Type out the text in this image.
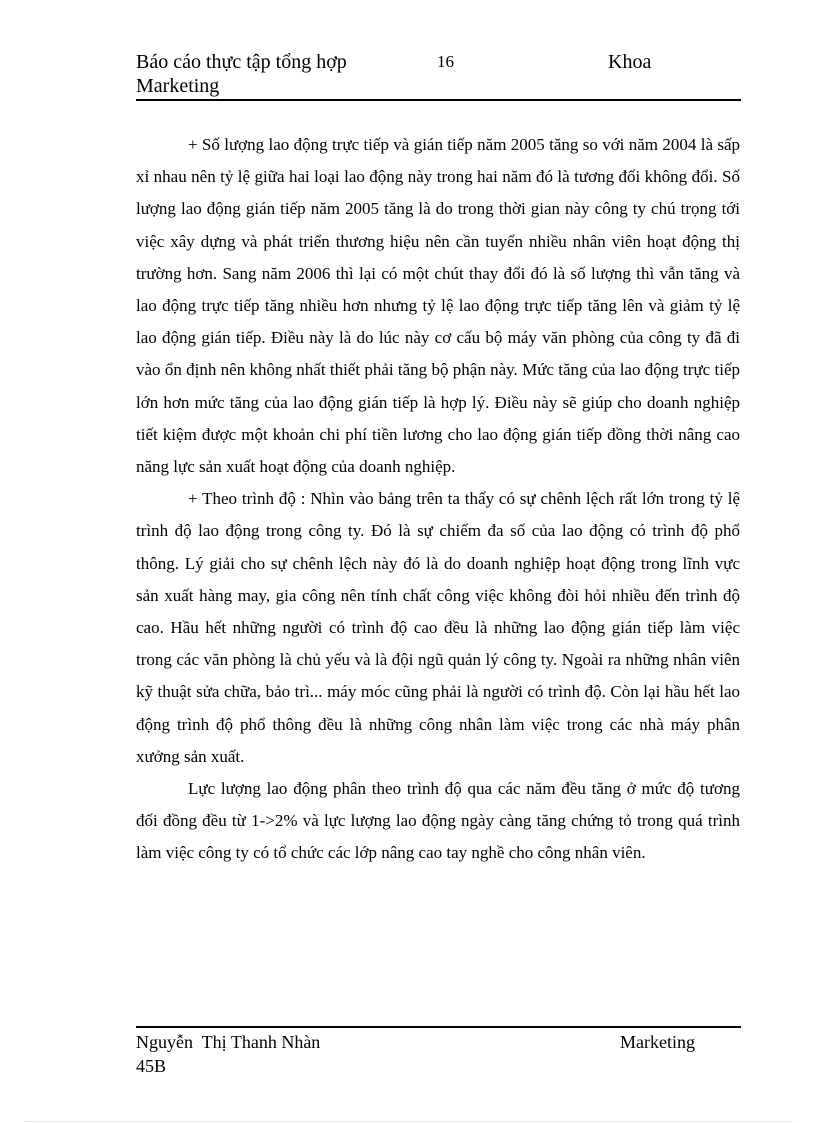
Báo cáo thực tập tổng hợp
Marketing
16	Khoa

+ Số lượng lao động trực tiếp và gián tiếp năm 2005 tăng so với năm 2004 là sấp xỉ nhau nên tỷ lệ giữa hai loại lao động này trong hai năm đó là tương đối không đổi. Số lượng lao động gián tiếp năm 2005 tăng là do trong thời gian này công ty chú trọng tới việc xây dựng và phát triển thương hiệu nên cần tuyển nhiều nhân viên hoạt động thị trường hơn. Sang năm 2006 thì lại có một chút thay đổi đó là số lượng thì vẫn tăng và lao động trực tiếp tăng nhiều hơn nhưng tỷ lệ lao động trực tiếp tăng lên và giảm tỷ lệ lao động gián tiếp. Điều này là do lúc này cơ cấu bộ máy văn phòng của công ty đã đi vào ổn định nên không nhất thiết phải tăng bộ phận này. Mức tăng của lao động trực tiếp lớn hơn mức tăng của lao động gián tiếp là hợp lý. Điều này sẽ giúp cho doanh nghiệp tiết kiệm được một khoản chi phí tiền lương cho lao động gián tiếp đồng thời nâng cao năng lực sản xuất hoạt động của doanh nghiệp.

+ Theo trình độ : Nhìn vào bảng trên ta thấy có sự chênh lệch rất lớn trong tỷ lệ trình độ lao động trong công ty. Đó là sự chiếm đa số của lao động có trình độ phổ thông. Lý giải cho sự chênh lệch này đó là do doanh nghiệp hoạt động trong lĩnh vực sản xuất hàng may, gia công nên tính chất công việc không đòi hỏi nhiều đến trình độ cao. Hầu hết những người có trình độ cao đều là những lao động gián tiếp làm việc trong các văn phòng là chủ yếu và là đội ngũ quản lý công ty. Ngoài ra những nhân viên kỹ thuật sửa chữa, bảo trì... máy móc cũng phải là người có trình độ. Còn lại hầu hết lao động trình độ phổ thông đều là những công nhân làm việc trong các nhà máy phân xưởng sản xuất.

Lực lượng lao động phân theo trình độ qua các năm đều tăng ở mức độ tương đối đồng đều từ 1->2% và lực lượng lao động ngày càng tăng chứng tỏ trong quá trình làm việc công ty có tổ chức các lớp nâng cao tay nghề cho công nhân viên.

Nguyễn  Thị Thanh Nhàn
45B
Marketing
